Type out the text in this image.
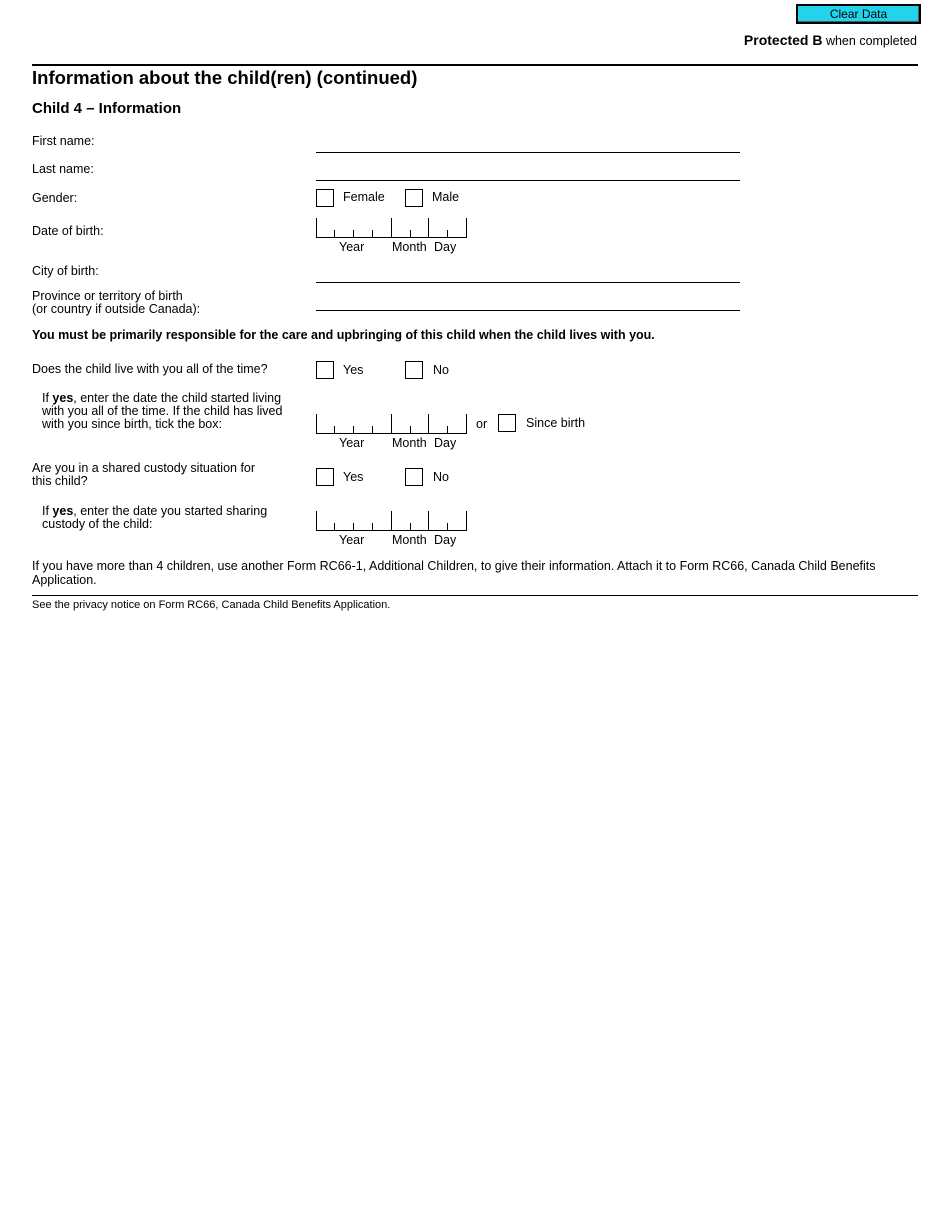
Clear Data
Protected B when completed
Information about the child(ren) (continued)
Child 4 – Information
First name:
Last name:
Gender:	Female	Male
Date of birth:
Year Month Day
City of birth:
Province or territory of birth
(or country if outside Canada):
You must be primarily responsible for the care and upbringing of this child when the child lives with you.
Does the child live with you all of the time?	Yes	No
If yes, enter the date the child started living
with you all of the time. If the child has lived
with you since birth, tick the box:	or	Since birth
Year Month Day
Are you in a shared custody situation for
this child?	Yes	No
If yes, enter the date you started sharing
custody of the child:
Year Month Day
If you have more than 4 children, use another Form RC66-1, Additional Children, to give their information. Attach it to Form RC66, Canada Child Benefits Application.
See the privacy notice on Form RC66, Canada Child Benefits Application.
